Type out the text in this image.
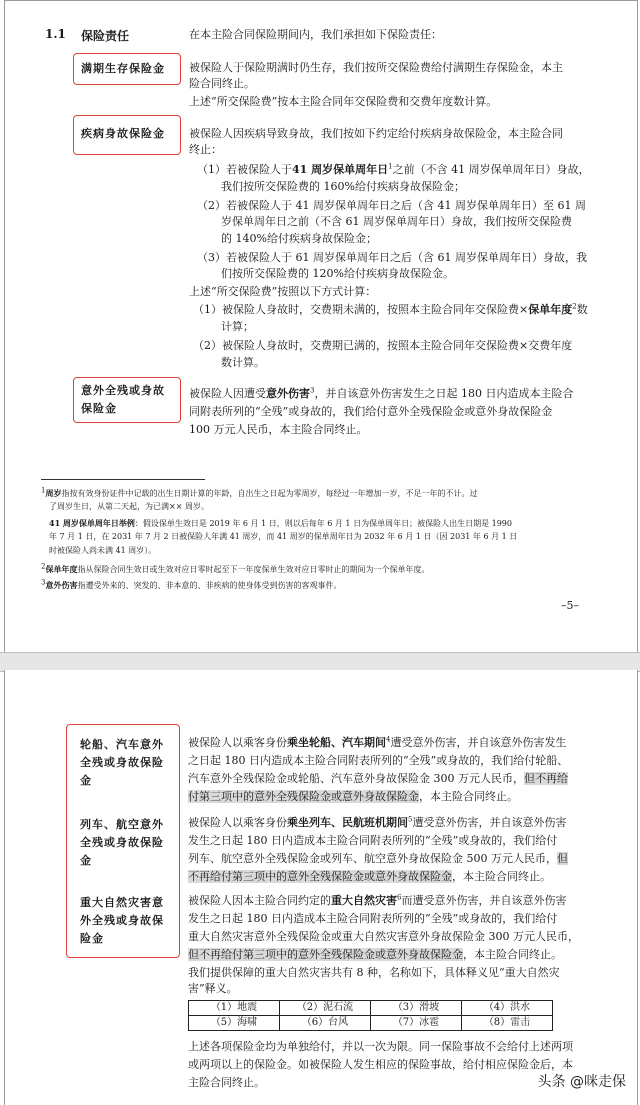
1.1 保险责任	在本主险合同保险期间内，我们承担如下保险责任：
满期生存保险金 被保险人于保险期满时仍生存，我们按所交保险费给付满期生存保险金，本主
险合同终止。
上述“所交保险费”按本主险合同年交保险费和交费年度数计算。
疾病身故保险金 被保险人因疾病导致身故，我们按如下约定给付疾病身故保险金，本主险合同
终止：
（1）若被保险人于41 周岁保单周年日$^1$之前（不含 41 周岁保单周年日）身故，
我们按所交保险费的 160%给付疾病身故保险金；
（2）若被保险人于 41 周岁保单周年日之后（含 41 周岁保单周年日）至 61 周
岁保单周年日之前（不含 61 周岁保单周年日）身故，我们按所交保险费
的 140%给付疾病身故保险金；
（3）若被保险人于 61 周岁保单周年日之后（含 61 周岁保单周年日）身故，我
们按所交保险费的 120%给付疾病身故保险金。
上述“所交保险费”按照以下方式计算：
（1）被保险人身故时，交费期未满的，按照本主险合同年交保险费×保单年度$^2$数
计算；
（2）被保险人身故时，交费期已满的，按照本主险合同年交保险费×交费年度
数计算。
意外全残或身故
保险金
被保险人因遭受意外伤害$^3$，并自该意外伤害发生之日起 180 日内造成本主险合
同附表所列的“全残”或身故的，我们给付意外全残保险金或意外身故保险金
100 万元人民币，本主险合同终止。
1周岁指按有效身份证件中记载的出生日期计算的年龄，自出生之日起为零周岁，每经过一年增加一岁，不足一年的不计。过
了周岁生日，从第二天起，为已满×× 周岁。
41 周岁保单周年日举例：假设保单生效日是 2019 年 6 月 1 日，则以后每年 6 月 1 日为保单周年日；被保险人出生日期是 1990
年 7 月 1 日，在 2031 年 7 月 2 日被保险人年满 41 周岁，而 41 周岁的保单周年日为 2032 年 6 月 1 日（因 2031 年 6 月 1 日
时被保险人尚未满 41 周岁）。
2保单年度指从保险合同生效日或生效对应日零时起至下一年度保单生效对应日零时止的期间为一个保单年度。
3意外伤害指遭受外来的、突发的、非本意的、非疾病的使身体受到伤害的客观事件。
–5–
轮船、汽车意外
全残或身故保险
金
被保险人以乘客身份乘坐轮船、汽车期间$^4$遭受意外伤害，并自该意外伤害发生
之日起 180 日内造成本主险合同附表所列的“全残”或身故的，我们给付轮船、
汽车意外全残保险金或轮船、汽车意外身故保险金 300 万元人民币，但不再给
付第三项中的意外全残保险金或意外身故保险金，本主险合同终止。
列车、航空意外
全残或身故保险
金
被保险人以乘客身份乘坐列车、民航班机期间$^5$遭受意外伤害，并自该意外伤害
发生之日起 180 日内造成本主险合同附表所列的“全残”或身故的，我们给付
列车、航空意外全残保险金或列车、航空意外身故保险金 500 万元人民币，但
不再给付第三项中的意外全残保险金或意外身故保险金，本主险合同终止。
重大自然灾害意
外全残或身故保
险金
被保险人因本主险合同约定的重大自然灾害$^6$而遭受意外伤害，并自该意外伤害
发生之日起 180 日内造成本主险合同附表所列的“全残”或身故的，我们给付
重大自然灾害意外全残保险金或重大自然灾害意外身故保险金 300 万元人民币，
但不再给付第三项中的意外全残保险金或意外身故保险金，本主险合同终止。
我们提供保障的重大自然灾害共有 8 种，名称如下，具体释义见“重大自然灾
（1）地震	（2）泥石流	（3）滑坡	（4）洪水
（5）海啸	（6）台风	（7）冰雹	（8）雷击
害”释义。
上述各项保险金均为单独给付，并以一次为限。同一保险事故不会给付上述两项
或两项以上的保险金。如被保险人发生相应的保险事故，给付相应保险金后，本
主险合同终止。	头条 @咪走保
